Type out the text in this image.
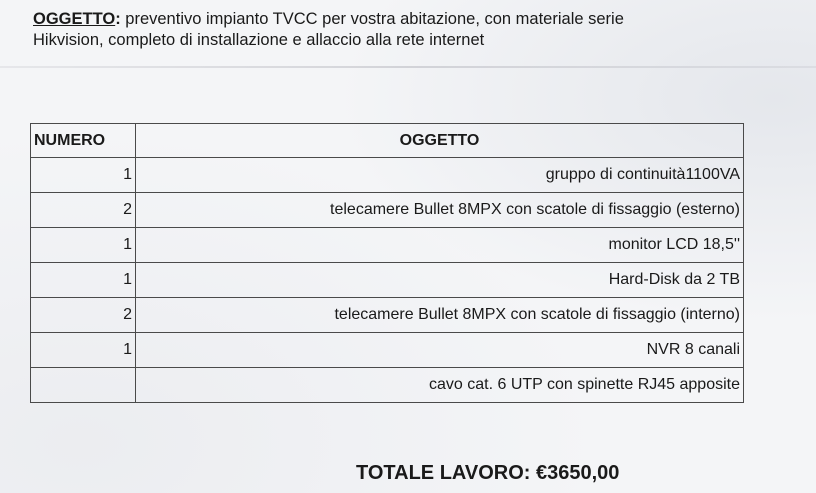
OGGETTO: preventivo impianto TVCC per vostra abitazione, con materiale serie
Hikvision, completo di installazione e allaccio alla rete internet
NUMERO	OGGETTO
1	gruppo di continuità1100VA
2	telecamere Bullet 8MPX con scatole di fissaggio (esterno)
1	monitor LCD 18,5''
1	Hard-Disk da 2 TB
2	telecamere Bullet 8MPX con scatole di fissaggio (interno)
1	NVR 8 canali
	cavo cat. 6 UTP con spinette RJ45 apposite
TOTALE LAVORO: €3650,00
